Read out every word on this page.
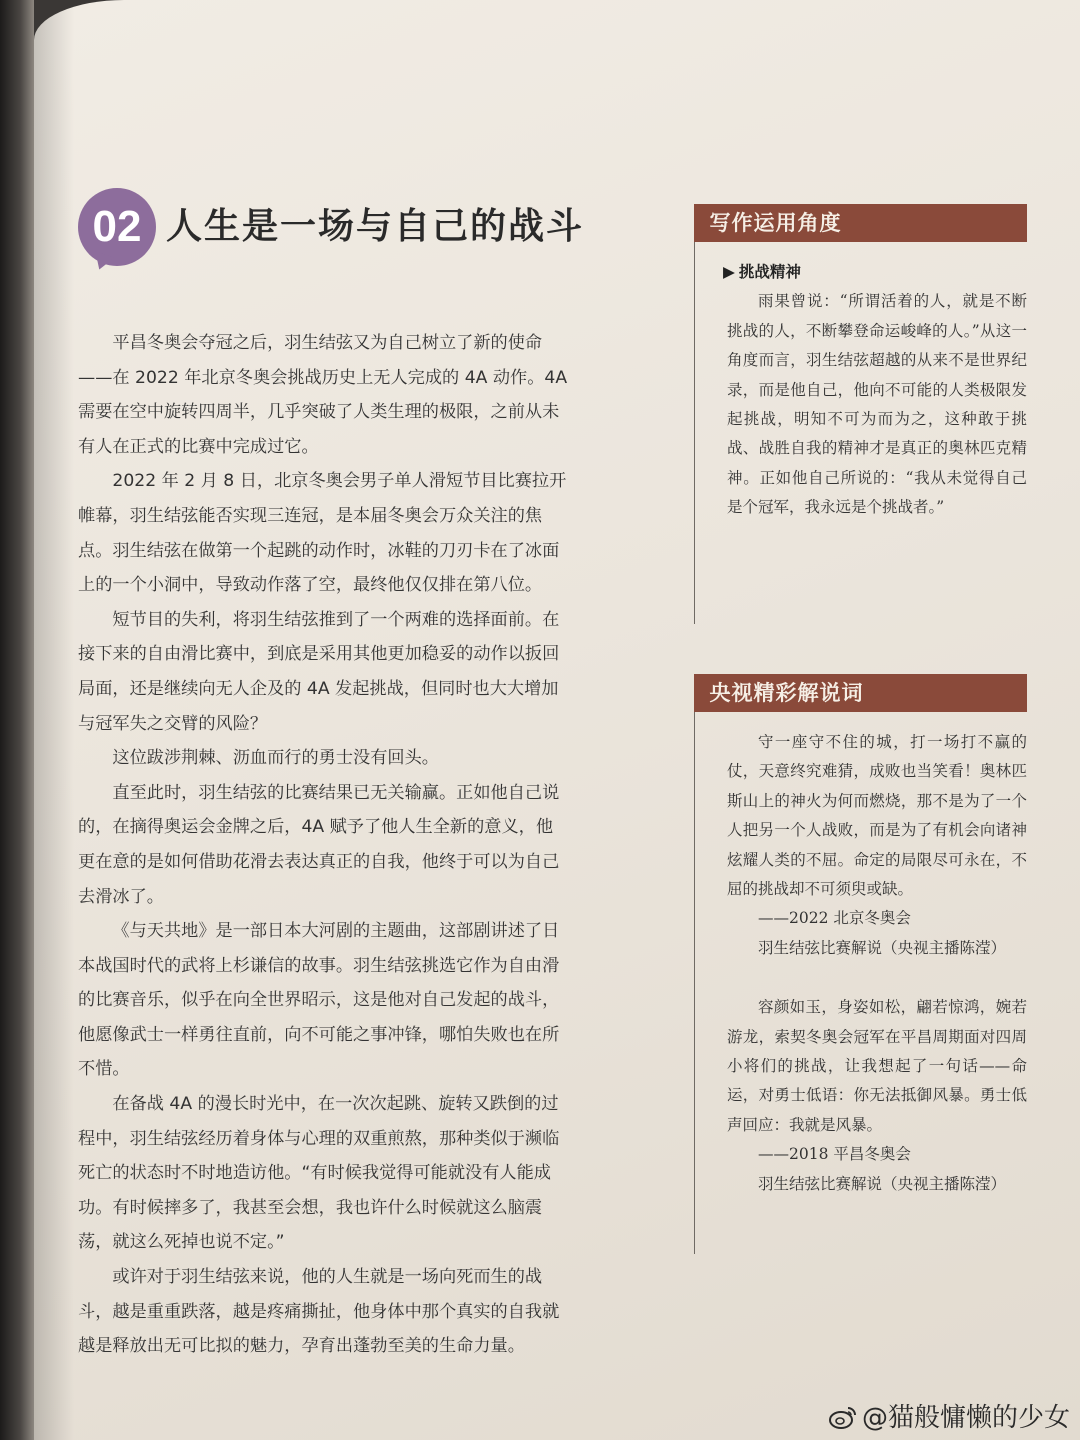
02 人生是一场与自己的战斗

平昌冬奥会夺冠之后，羽生结弦又为自己树立了新的使命——在 2022 年北京冬奥会挑战历史上无人完成的 4A 动作。4A 需要在空中旋转四周半，几乎突破了人类生理的极限，之前从未有人在正式的比赛中完成过它。

2022 年 2 月 8 日，北京冬奥会男子单人滑短节目比赛拉开帷幕，羽生结弦能否实现三连冠，是本届冬奥会万众关注的焦点。羽生结弦在做第一个起跳的动作时，冰鞋的刀刃卡在了冰面上的一个小洞中，导致动作落了空，最终他仅仅排在第八位。

短节目的失利，将羽生结弦推到了一个两难的选择面前。在接下来的自由滑比赛中，到底是采用其他更加稳妥的动作以扳回局面，还是继续向无人企及的 4A 发起挑战，但同时也大大增加与冠军失之交臂的风险？

这位跋涉荆棘、沥血而行的勇士没有回头。

直至此时，羽生结弦的比赛结果已无关输赢。正如他自己说的，在摘得奥运会金牌之后，4A 赋予了他人生全新的意义，他更在意的是如何借助花滑去表达真正的自我，他终于可以为自己去滑冰了。

《与天共地》是一部日本大河剧的主题曲，这部剧讲述了日本战国时代的武将上杉谦信的故事。羽生结弦挑选它作为自由滑的比赛音乐，似乎在向全世界昭示，这是他对自己发起的战斗，他愿像武士一样勇往直前，向不可能之事冲锋，哪怕失败也在所不惜。

在备战 4A 的漫长时光中，在一次次起跳、旋转又跌倒的过程中，羽生结弦经历着身体与心理的双重煎熬，那种类似于濒临死亡的状态时不时地造访他。“有时候我觉得可能就没有人能成功。有时候摔多了，我甚至会想，我也许什么时候就这么脑震荡，就这么死掉也说不定。”

或许对于羽生结弦来说，他的人生就是一场向死而生的战斗，越是重重跌落，越是疼痛撕扯，他身体中那个真实的自我就越是释放出无可比拟的魅力，孕育出蓬勃至美的生命力量。

写作运用角度
▶ 挑战精神

雨果曾说：“所谓活着的人，就是不断挑战的人，不断攀登命运峻峰的人。”从这一角度而言，羽生结弦超越的从来不是世界纪录，而是他自己，他向不可能的人类极限发起挑战，明知不可为而为之，这种敢于挑战、战胜自我的精神才是真正的奥林匹克精神。正如他自己所说的：“我从未觉得自己是个冠军，我永远是个挑战者。”

央视精彩解说词

守一座守不住的城，打一场打不赢的仗，天意终究难猜，成败也当笑看！奥林匹斯山上的神火为何而燃烧，那不是为了一个人把另一个人战败，而是为了有机会向诸神炫耀人类的不屈。命定的局限尽可永在，不屈的挑战却不可须臾或缺。

——2022 北京冬奥会

羽生结弦比赛解说（央视主播陈滢）

容颜如玉，身姿如松，翩若惊鸿，婉若游龙，索契冬奥会冠军在平昌周期面对四周小将们的挑战，让我想起了一句话——命运，对勇士低语：你无法抵御风暴。勇士低声回应：我就是风暴。

——2018 平昌冬奥会

羽生结弦比赛解说（央视主播陈滢）

@猫般慵懒的少女
